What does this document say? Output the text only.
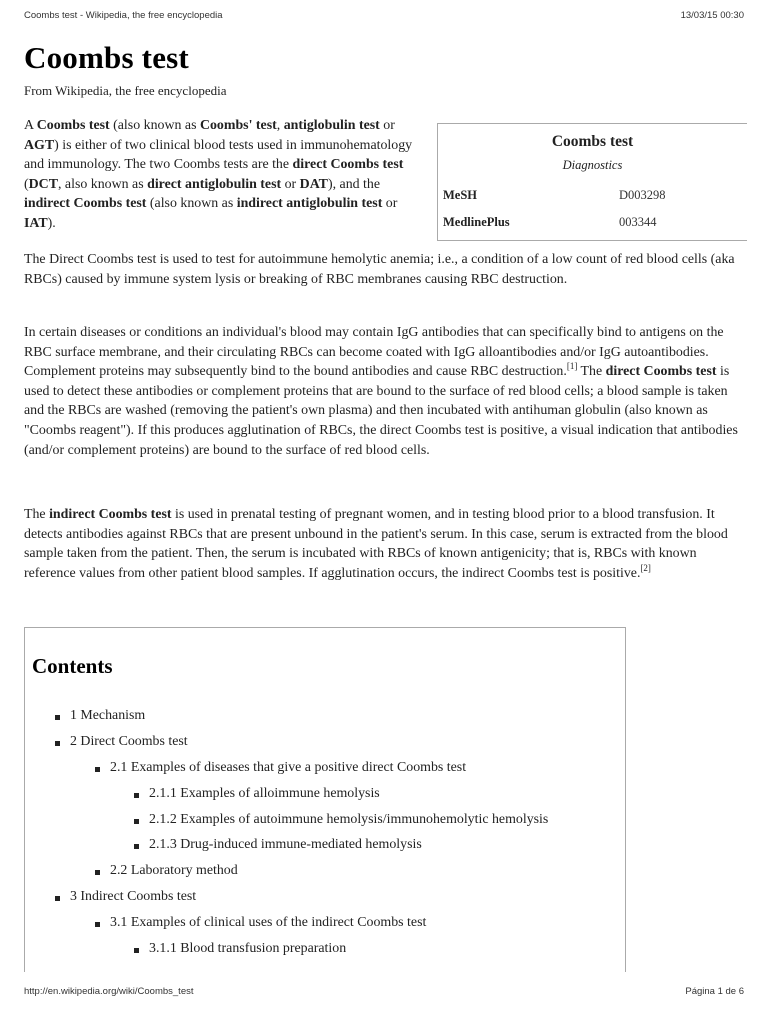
Coombs test - Wikipedia, the free encyclopedia	13/03/15 00:30
Coombs test
From Wikipedia, the free encyclopedia

A Coombs test (also known as Coombs' test, antiglobulin test or AGT) is either of two clinical blood tests used in immunohematology and immunology. The two Coombs tests are the direct Coombs test (DCT, also known as direct antiglobulin test or DAT), and the indirect Coombs test (also known as indirect antiglobulin test or IAT).

Coombs test
Diagnostics
MeSH	D003298
MedlinePlus	003344

The Direct Coombs test is used to test for autoimmune hemolytic anemia; i.e., a condition of a low count of red blood cells (aka RBCs) caused by immune system lysis or breaking of RBC membranes causing RBC destruction.

In certain diseases or conditions an individual's blood may contain IgG antibodies that can specifically bind to antigens on the RBC surface membrane, and their circulating RBCs can become coated with IgG alloantibodies and/or IgG autoantibodies. Complement proteins may subsequently bind to the bound antibodies and cause RBC destruction.[1] The direct Coombs test is used to detect these antibodies or complement proteins that are bound to the surface of red blood cells; a blood sample is taken and the RBCs are washed (removing the patient's own plasma) and then incubated with antihuman globulin (also known as "Coombs reagent"). If this produces agglutination of RBCs, the direct Coombs test is positive, a visual indication that antibodies (and/or complement proteins) are bound to the surface of red blood cells.

The indirect Coombs test is used in prenatal testing of pregnant women, and in testing blood prior to a blood transfusion. It detects antibodies against RBCs that are present unbound in the patient's serum. In this case, serum is extracted from the blood sample taken from the patient. Then, the serum is incubated with RBCs of known antigenicity; that is, RBCs with known reference values from other patient blood samples. If agglutination occurs, the indirect Coombs test is positive.[2]

Contents
1 Mechanism
2 Direct Coombs test
2.1 Examples of diseases that give a positive direct Coombs test
2.1.1 Examples of alloimmune hemolysis
2.1.2 Examples of autoimmune hemolysis/immunohemolytic hemolysis
2.1.3 Drug-induced immune-mediated hemolysis
2.2 Laboratory method
3 Indirect Coombs test
3.1 Examples of clinical uses of the indirect Coombs test
3.1.1 Blood transfusion preparation
http://en.wikipedia.org/wiki/Coombs_test	Página 1 de 6
